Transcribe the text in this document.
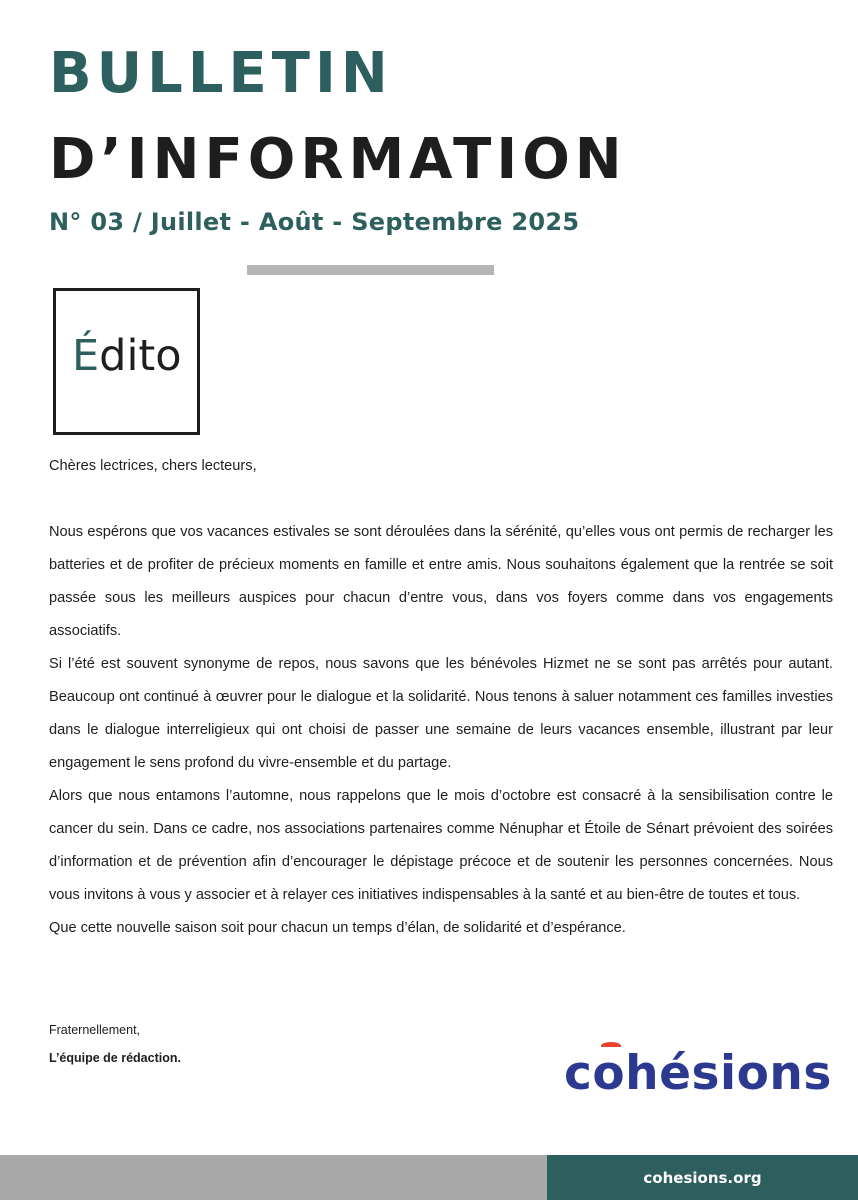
BULLETIN
D’INFORMATION
N° 03 / Juillet - Août - Septembre 2025
Édito

Chères lectrices, chers lecteurs,

Nous espérons que vos vacances estivales se sont déroulées dans la sérénité, qu’elles vous ont permis de recharger les batteries et de profiter de précieux moments en famille et entre amis. Nous souhaitons également que la rentrée se soit passée sous les meilleurs auspices pour chacun d’entre vous, dans vos foyers comme dans vos engagements associatifs.

Si l’été est souvent synonyme de repos, nous savons que les bénévoles Hizmet ne se sont pas arrêtés pour autant. Beaucoup ont continué à œuvrer pour le dialogue et la solidarité. Nous tenons à saluer notamment ces familles investies dans le dialogue interreligieux qui ont choisi de passer une semaine de leurs vacances ensemble, illustrant par leur engagement le sens profond du vivre-ensemble et du partage.

Alors que nous entamons l’automne, nous rappelons que le mois d’octobre est consacré à la sensibilisation contre le cancer du sein. Dans ce cadre, nos associations partenaires comme Nénuphar et Étoile de Sénart prévoient des soirées d’information et de prévention afin d’encourager le dépistage précoce et de soutenir les personnes concernées. Nous vous invitons à vous y associer et à relayer ces initiatives indispensables à la santé et au bien-être de toutes et tous.

Que cette nouvelle saison soit pour chacun un temps d’élan, de solidarité et d’espérance.

Fraternellement,

L’équipe de rédaction.	c
ohésions
cohesions.org
